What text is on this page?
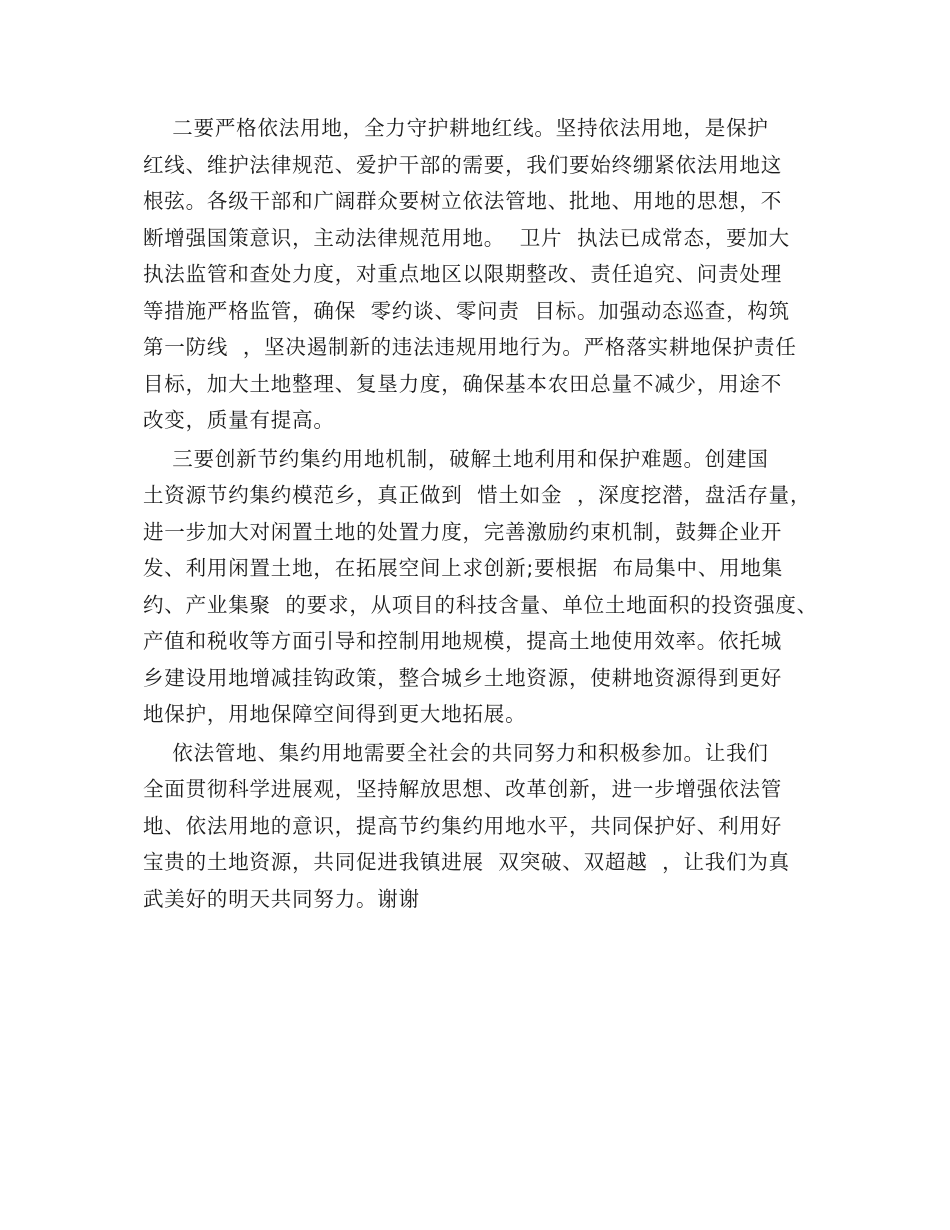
二要严格依法用地，全力守护耕地红线。坚持依法用地，是保护
红线、维护法律规范、爱护干部的需要，我们要始终绷紧依法用地这
根弦。各级干部和广阔群众要树立依法管地、批地、用地的思想，不
断增强国策意识，主动法律规范用地。  卫片  执法已成常态，要加大
执法监管和查处力度，对重点地区以限期整改、责任追究、问责处理
等措施严格监管，确保  零约谈、零问责  目标。加强动态巡查，构筑
第一防线  ，坚决遏制新的违法违规用地行为。严格落实耕地保护责任
目标，加大土地整理、复垦力度，确保基本农田总量不减少，用途不
改变，质量有提高。
三要创新节约集约用地机制，破解土地利用和保护难题。创建国
土资源节约集约模范乡，真正做到  惜土如金  ，深度挖潜，盘活存量，
进一步加大对闲置土地的处置力度，完善激励约束机制，鼓舞企业开
发、利用闲置土地，在拓展空间上求创新;要根据  布局集中、用地集
约、产业集聚  的要求，从项目的科技含量、单位土地面积的投资强度、
产值和税收等方面引导和控制用地规模，提高土地使用效率。依托城
乡建设用地增减挂钩政策，整合城乡土地资源，使耕地资源得到更好
地保护，用地保障空间得到更大地拓展。
依法管地、集约用地需要全社会的共同努力和积极参加。让我们
全面贯彻科学进展观，坚持解放思想、改革创新，进一步增强依法管
地、依法用地的意识，提高节约集约用地水平，共同保护好、利用好
宝贵的土地资源，共同促进我镇进展  双突破、双超越  ，让我们为真
武美好的明天共同努力。谢谢
